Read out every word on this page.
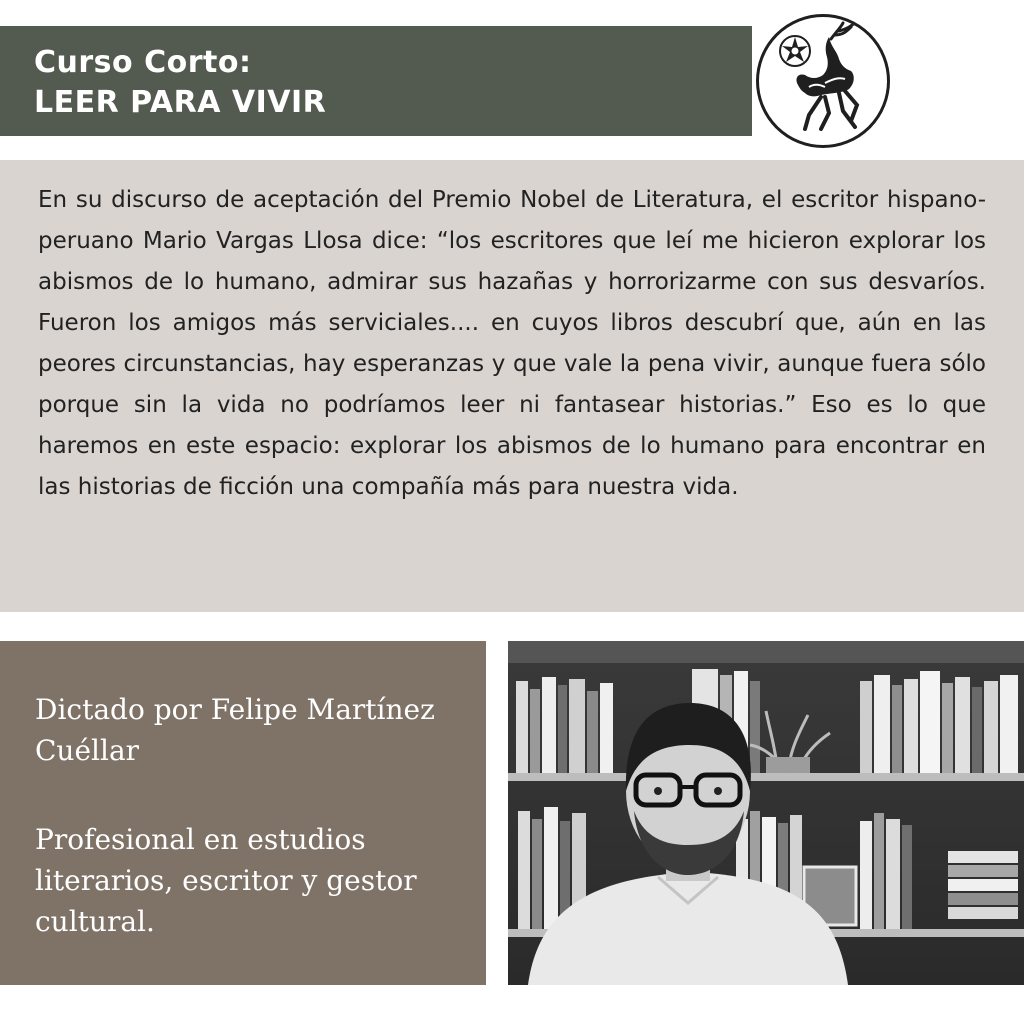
Curso Corto:
LEER PARA VIVIR

En su discurso de aceptación del Premio Nobel de Literatura, el escritor hispano-peruano Mario Vargas Llosa dice: “los escritores que leí me hicieron explorar los abismos de lo humano, admirar sus hazañas y horrorizarme con sus desvaríos. Fueron los amigos más serviciales.... en cuyos libros descubrí que, aún en las peores circunstancias, hay esperanzas y que vale la pena vivir, aunque fuera sólo porque sin la vida no podríamos leer ni fantasear historias.” Eso es lo que haremos en este espacio: explorar los abismos de lo humano para encontrar en las historias de ficción una compañía más para nuestra vida.

Dictado por Felipe Martínez Cuéllar

Profesional en estudios literarios, escritor y gestor cultural.
